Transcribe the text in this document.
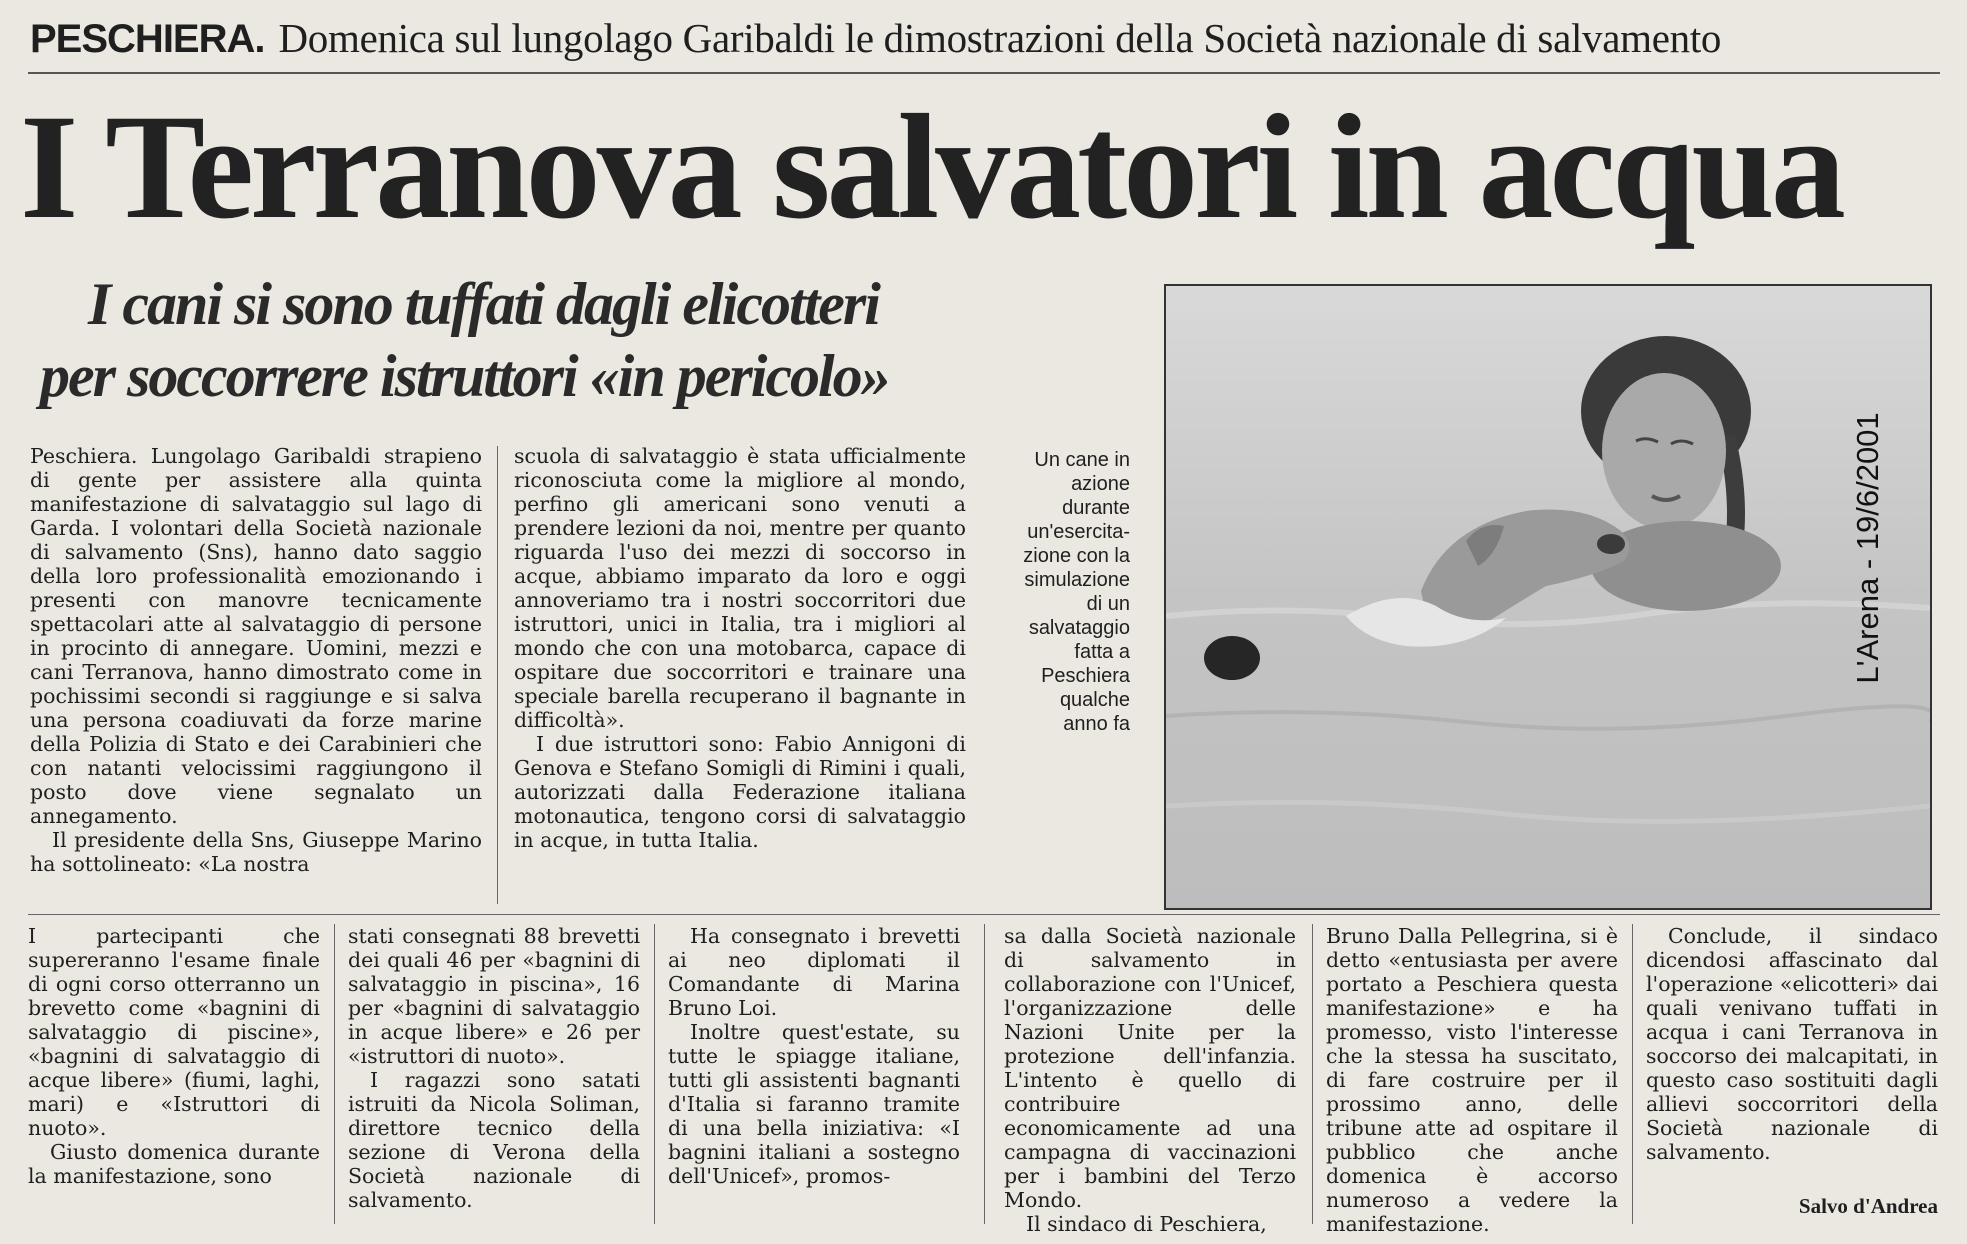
PESCHIERA. Domenica sul lungolago Garibaldi le dimostrazioni della Società nazionale di salvamento
I Terranova salvatori in acqua
I cani si sono tuffati dagli elicotteri
per soccorrere istruttori «in pericolo»

Peschiera. Lungolago Garibaldi strapieno di gente per assistere alla quinta manifestazione di salvataggio sul lago di Garda. I volontari della Società nazionale di salvamento (Sns), hanno dato saggio della loro professionalità emozionando i presenti con manovre tecnicamente spettacolari atte al salvataggio di persone in procinto di annegare. Uomini, mezzi e cani Terranova, hanno dimostrato come in pochissimi secondi si raggiunge e si salva una persona coadiuvati da forze marine della Polizia di Stato e dei Carabinieri che con natanti velocissimi raggiungono il posto dove viene segnalato un annegamento.

Il presidente della Sns, Giuseppe Marino ha sottolineato: «La nostra

scuola di salvataggio è stata ufficialmente riconosciuta come la migliore al mondo, perfino gli americani sono venuti a prendere lezioni da noi, mentre per quanto riguarda l'uso dei mezzi di soccorso in acque, abbiamo imparato da loro e oggi annoveriamo tra i nostri soccorritori due istruttori, unici in Italia, tra i migliori al mondo che con una motobarca, capace di ospitare due soccorritori e trainare una speciale barella recuperano il bagnante in difficoltà».

I due istruttori sono: Fabio Annigoni di Genova e Stefano Somigli di Rimini i quali, autorizzati dalla Federazione italiana motonautica, tengono corsi di salvataggio in acque, in tutta Italia.

Un cane in
azione
durante
un'esercita-
zione con la
simulazione
di un
salvataggio
fatta a
Peschiera
qualche
anno fa
L'Arena - 19/6/2001

I partecipanti che supereranno l'esame finale di ogni corso otterranno un brevetto come «bagnini di salvataggio di piscine», «bagnini di salvataggio di acque libere» (fiumi, laghi, mari) e «Istruttori di nuoto».

Giusto domenica durante la manifestazione, sono

stati consegnati 88 brevetti dei quali 46 per «bagnini di salvataggio in piscina», 16 per «bagnini di salvataggio in acque libere» e 26 per «istruttori di nuoto».

I ragazzi sono satati istruiti da Nicola Soliman, direttore tecnico della sezione di Verona della Società nazionale di salvamento.

Ha consegnato i brevetti ai neo diplomati il Comandante di Marina Bruno Loi.

Inoltre quest'estate, su tutte le spiagge italiane, tutti gli assistenti bagnanti d'Italia si faranno tramite di una bella iniziativa: «I bagnini italiani a sostegno dell'Unicef», promos-

sa dalla Società nazionale di salvamento in collaborazione con l'Unicef, l'organizzazione delle Nazioni Unite per la protezione dell'infanzia. L'intento è quello di contribuire economicamente ad una campagna di vaccinazioni per i bambini del Terzo Mondo.

Il sindaco di Peschiera,

Bruno Dalla Pellegrina, si è detto «entusiasta per avere portato a Peschiera questa manifestazione» e ha promesso, visto l'interesse che la stessa ha suscitato, di fare costruire per il prossimo anno, delle tribune atte ad ospitare il pubblico che anche domenica è accorso numeroso a vedere la manifestazione.

Conclude, il sindaco dicendosi affascinato dal l'operazione «elicotteri» dai quali venivano tuffati in acqua i cani Terranova in soccorso dei malcapitati, in questo caso sostituiti dagli allievi soccorritori della Società nazionale di salvamento.

Salvo d'Andrea
